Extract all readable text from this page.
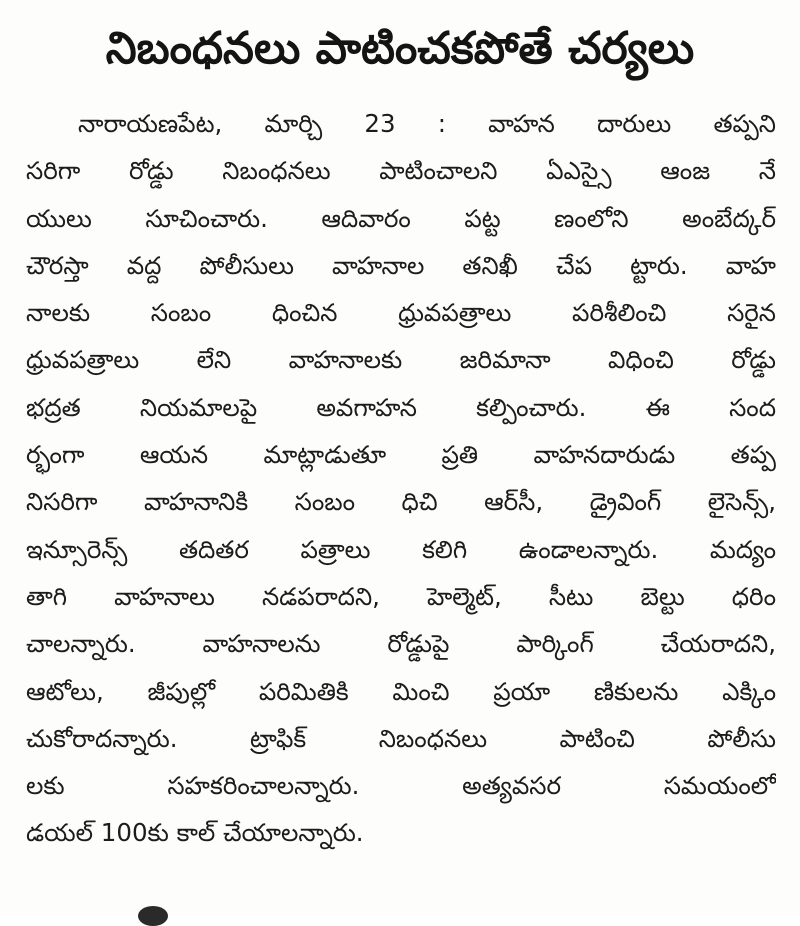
నిబంధనలు పాటించకపోతే చర్యలు
నారాయణపేట, మార్చి 23 : వాహన దారులు తప్పని
సరిగా రోడ్డు నిబంధనలు పాటించాలని ఏఎస్సై ఆంజ నే
యులు సూచించారు. ఆదివారం పట్ట ణంలోని అంబేద్కర్
చౌరస్తా వద్ద పోలీసులు వాహనాల తనిఖీ చేప ట్టారు. వాహ
నాలకు సంబం ధించిన ధ్రువపత్రాలు పరిశీలించి సరైన
ధ్రువపత్రాలు లేని వాహనాలకు జరిమానా విధించి రోడ్డు
భద్రత నియమాలపై అవగాహన కల్పించారు. ఈ సంద
ర్భంగా ఆయన మాట్లాడుతూ ప్రతి వాహనదారుడు తప్ప
నిసరిగా వాహనానికి సంబం ధిచి ఆర్‌సీ, డ్రైవింగ్ లైసెన్స్,
ఇన్సూరెన్స్ తదితర పత్రాలు కలిగి ఉండాలన్నారు. మద్యం
తాగి వాహనాలు నడపరాదని, హెల్మెట్, సీటు బెల్టు ధరిం
చాలన్నారు. వాహనాలను రోడ్డుపై పార్కింగ్ చేయరాదని,
ఆటోలు, జీపుల్లో పరిమితికి మించి ప్రయా ణికులను ఎక్కిం
చుకోరాదన్నారు. ట్రాఫిక్ నిబంధనలు పాటించి పోలీసు
లకు సహకరించాలన్నారు. అత్యవసర సమయంలో
డయల్ 100కు కాల్ చేయాలన్నారు.
